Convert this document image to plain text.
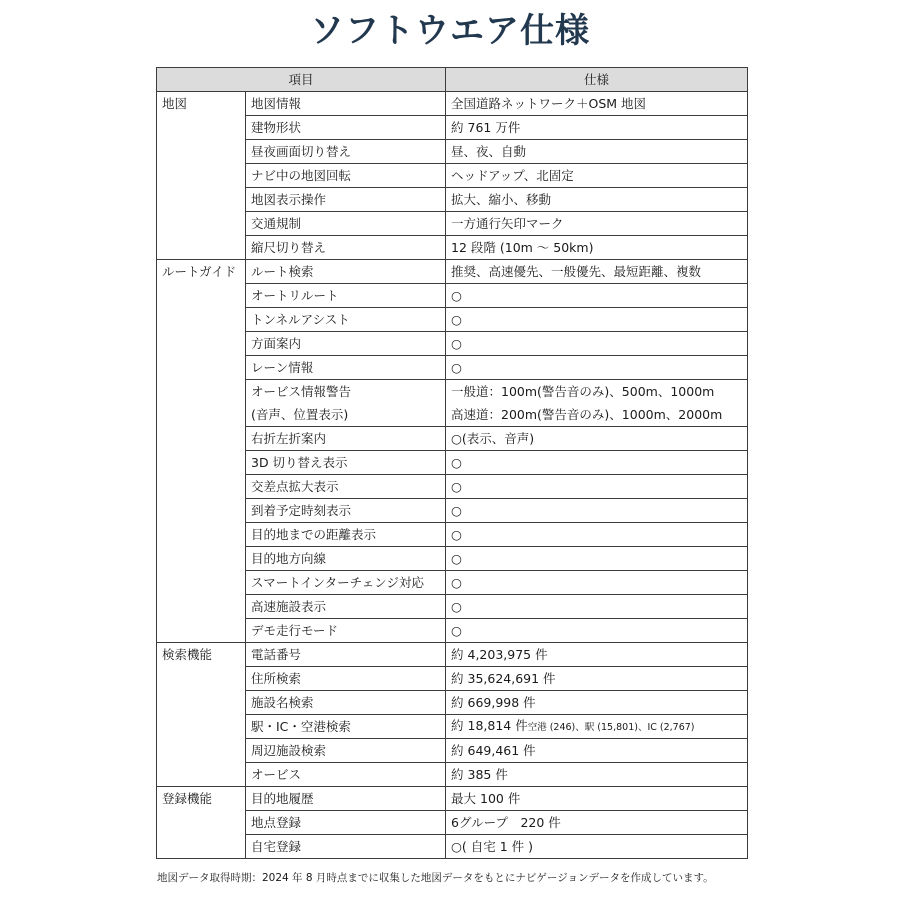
ソフトウエア仕様
項目		仕様
地図	地図情報	全国道路ネットワーク＋OSM 地図
	建物形状	約 761 万件
	昼夜画面切り替え	昼、夜、自動
	ナビ中の地図回転	ヘッドアップ、北固定
	地図表示操作	拡大、縮小、移動
	交通規制	一方通行矢印マーク
	縮尺切り替え	12 段階 (10m ～ 50km)
ルートガイド	ルート検索	推奨、高速優先、一般優先、最短距離、複数
	オートリルート	○
	トンネルアシスト	○
	方面案内	○
	レーン情報	○
	オービス情報警告	一般道：100m(警告音のみ)、500m、1000m
	(音声、位置表示)	高速道：200m(警告音のみ)、1000m、2000m
	右折左折案内	○(表示、音声)
	3D 切り替え表示	○
	交差点拡大表示	○
	到着予定時刻表示	○
	目的地までの距離表示	○
	目的地方向線	○
	スマートインターチェンジ対応	○
	高速施設表示	○
	デモ走行モード	○
検索機能	電話番号	約 4,203,975 件
	住所検索	約 35,624,691 件
	施設名検索	約 669,998 件
	駅・IC・空港検索	約 18,814 件空港 (246)、駅 (15,801)、IC (2,767)
	周辺施設検索	約 649,461 件
	オービス	約 385 件
登録機能	目的地履歴	最大 100 件
	地点登録	6グループ　220 件
	自宅登録	○( 自宅 1 件 )
地図データ取得時期：2024 年 8 月時点までに収集した地図データをもとにナビゲージョンデータを作成しています。
